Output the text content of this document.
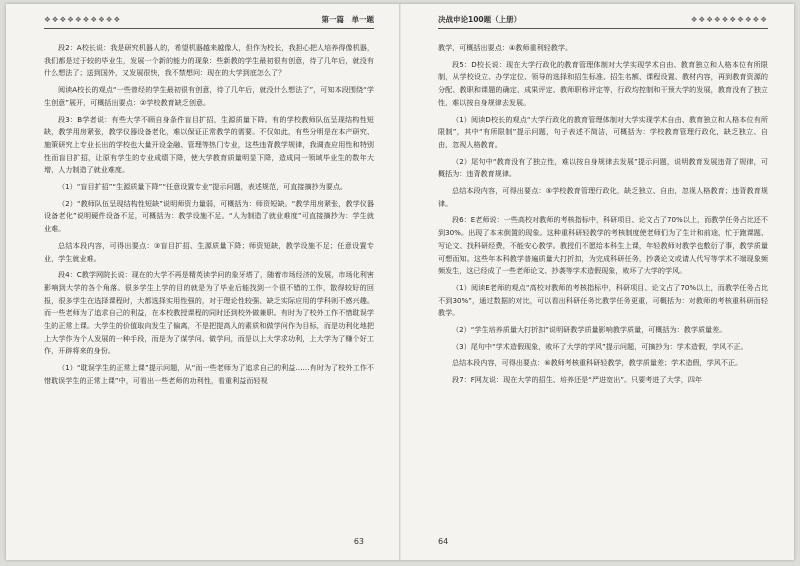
❖❖❖❖❖❖❖❖❖❖	第一篇　单一题

段2：A校长说：我是研究机器人的，希望机器越来越像人，但作为校长，我担心把人培养得像机器，我们都是过于较的毕业生，发展一个新的能力的现象：些新教的学生最初很有创意，待了几年后，就没有什么想法了；送到国外，又发展很快，我不禁想问：现在的大学到底怎么了？

阅读A校长的观点“一些曾经的学生最初很有创意，待了几年后，就没什么想法了”，可知本段围绕“学生创意”展开，可概括出要点：②学校教育缺乏创意。

段3：B学者说：有些大学不顾自身条件盲目扩招，生源质量下降。有的学校教师队伍呈现结构性短缺，教学用房紧张，教学仪器设备老化，难以保证正常教学的需要。不仅如此，有些分明是在本产研究、施策研究上专业长出的学校也大量开设金融、管理等热门专业，这些违背教学规律，我调查应用性和特别性而盲目扩招，让原有学生的专业成绩下降，使大学教育质量明显下降，造成同一领域毕业生的数年大增，人力制造了就业难度。

（1）“盲目扩招”“生源质量下降”“任意设置专业”提示问题，表述规范，可直接摘抄为要点。

（2）“教师队伍呈现结构性短缺”说明师资力量弱，可概括为：师资短缺。“教学用房紧张，教学仪器设备老化”说明硬件设备不足，可概括为：教学设施不足。“人为制造了就业难度”可直接摘抄为：学生就业难。

总结本段内容，可得出要点：③盲目扩招、生源质量下降；师资短缺，教学设施不足；任意设置专业，学生就业难。

段4：C教学网院长说：现在的大学不再是精英读学问的象牙塔了，随着市场经济的发展，市场化利害影响到大学的各个角落。很多学生上学的目的就是为了毕业后能找到一个很不错的工作，散得较好的回报，很多学生在选择课程时，大都选择实用性强的，对于理论性较强、缺乏实际应用的学科则不感兴趣。而一些老师为了追求自己的利益，在本校教授课程的同时还到校外做兼职。有时为了校外工作不惜耽误学生的正常上课。大学生的价值取向发生了偏离，不是把提高人的素质和做学问作为目标，而是功利化地把上大学作为个人发展的一种手段，而是为了谋学问、做学问，而是以上大学求功利，上大学为了赚个好工作，开辟将来的身份。

（1）“耽误学生的正常上课”提示问题，从“而一些老师为了追求自己的利益……有时为了校外工作不惜耽误学生的正常上课”中，可看出一些老师的功利性，看重利益而轻视

63
决战申论100题（上册）	❖❖❖❖❖❖❖❖❖❖

教学，可概括出要点：④教师重利轻教学。

段5：D校长说：现在大学行政化的教育管理体制对大学实现学术自由、教育独立和人格本位有所限制，从学校设立、办学定位、领导的选择和招生标准、招生名额、课程设置、教材内容，再到教育资源的分配、教职和课题的确定、成果评定、教师职称评定等，行政均控制和干预大学的发展，教育没有了独立性，难以按自身规律去发展。

（1）阅读D校长的观点“大学行政化的教育管理体制对大学实现学术自由、教育独立和人格本位有所限制”，其中“有所限制”提示问题，句子表述不简洁，可概括为：学校教育管理行政化，缺乏独立、自由，忽视人格教育。

（2）尾句中“教育没有了独立性，难以按自身规律去发展”提示问题，说明教育发展违背了规律，可概括为：违背教育规律。

总结本段内容，可得出要点：⑤学校教育管理行政化，缺乏独立、自由，忽视人格教育；违背教育规律。

段6：E老师说：一些高校对教师的考核指标中，科研项目、论文占了70%以上，而教学任务占比还不到30%。出现了本末倒置的现象。这种重科研轻教学的考核制度使老师们为了生计和前途，忙于跑课题、写论文、找科研经费，不能安心教学。教授们不愿给本科生上课，年轻教师对教学也敷衍了事，教学质量可想而知。这些年本科教学普遍质量大打折扣，为完成科研任务，抄袭论文或请人代写等学术不端现象频频发生，这已经成了一些老师论文、抄袭等学术造假现象，败坏了大学的学风。

（1）阅读E老师的观点“高校对教师的考核指标中，科研项目、论文占了70%以上，而教学任务占比不到30%”，通过数据的对比，可以看出科研任务比教学任务更重，可概括为：对教师的考核重科研而轻教学。

（2）“学生培养质量大打折扣”说明研教学质量影响教学质量，可概括为：教学质量差。

（3）尾句中“学术造假现象，败坏了大学的学风”提示问题，可摘抄为：学术造假，学风不正。

总结本段内容，可得出要点：⑥教师考核重科研轻教学，教学质量差；学术造假，学风不正。

段7：F网友说：现在大学的招生、培养还是“严进宽出”。只要考进了大学，四年

64
